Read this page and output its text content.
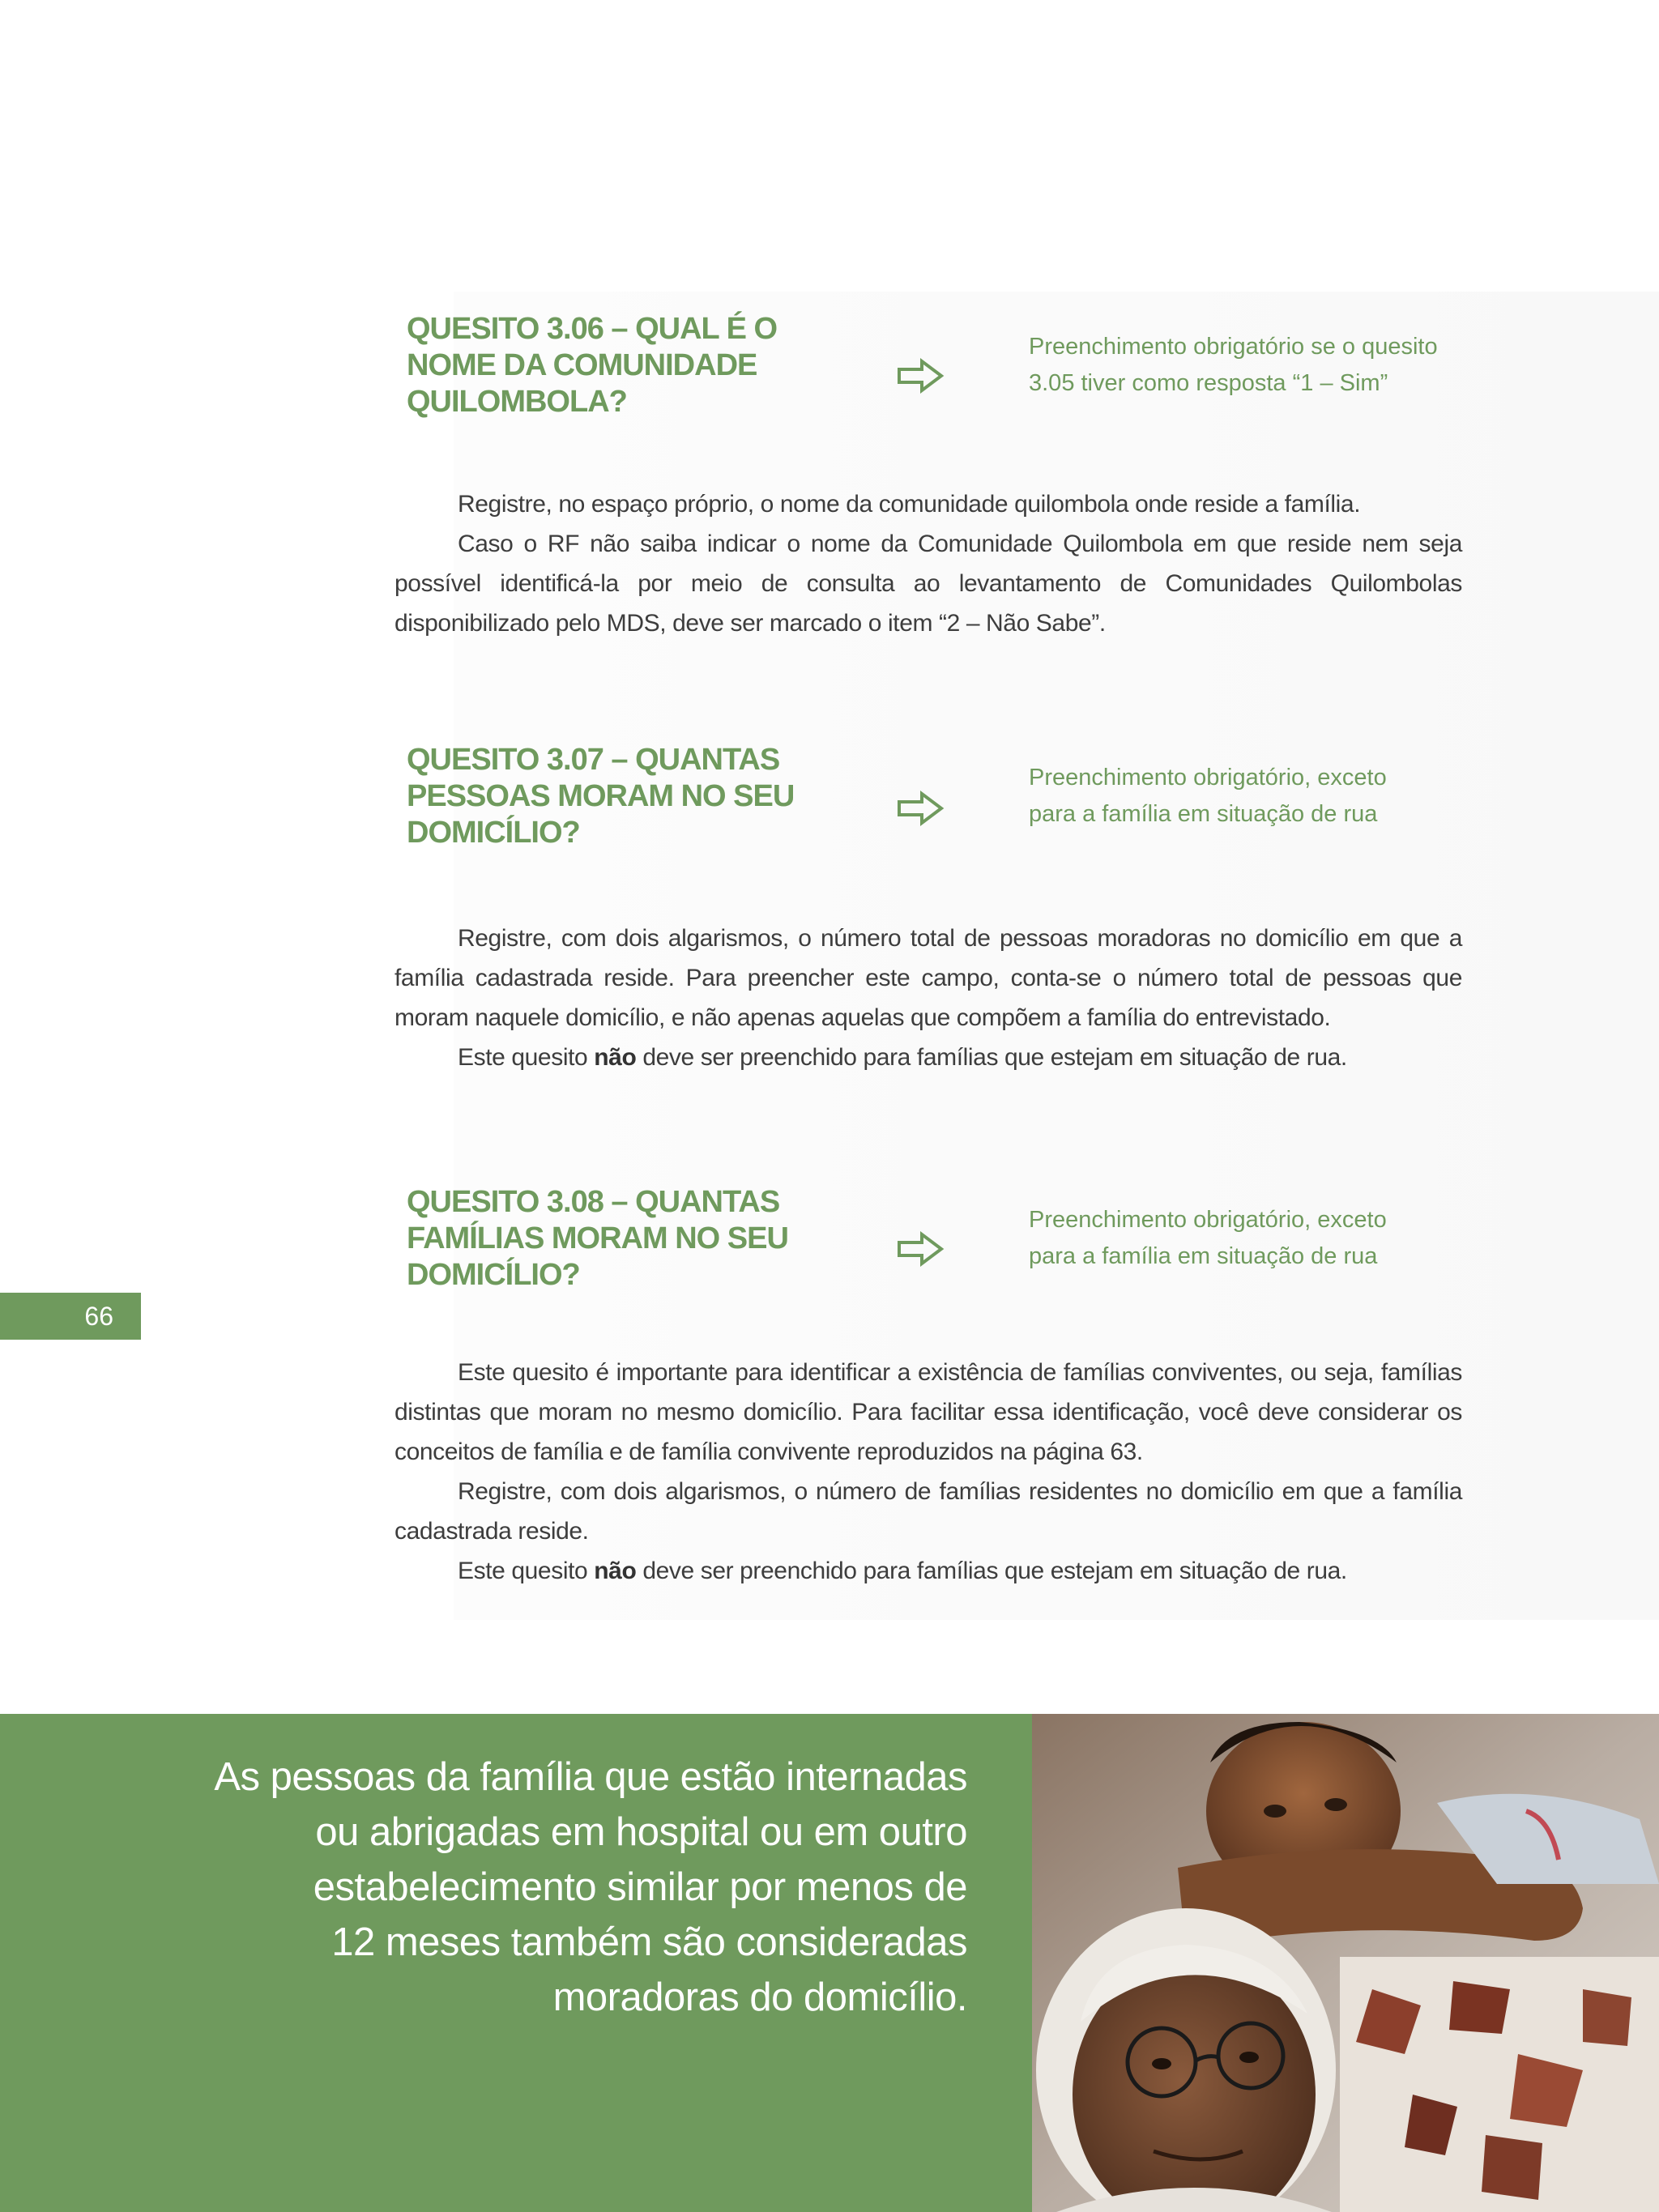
QUESITO 3.06 – QUAL É O
NOME DA COMUNIDADE
QUILOMBOLA?

Preenchimento obrigatório se o quesito
3.05 tiver como resposta “1 – Sim”

Registre, no espaço próprio, o nome da comunidade quilombola onde reside a família.

Caso o RF não saiba indicar o nome da Comunidade Quilombola em que reside nem seja possível identificá-la por meio de consulta ao levantamento de Comunidades Quilombolas disponibilizado pelo MDS, deve ser marcado o item “2 – Não Sabe”.

QUESITO 3.07 – QUANTAS
PESSOAS MORAM NO SEU
DOMICÍLIO?

Preenchimento obrigatório, exceto
para a família em situação de rua

Registre, com dois algarismos, o número total de pessoas moradoras no domicílio em que a família cadastrada reside. Para preencher este campo, conta-se o número total de pessoas que moram naquele domicílio, e não apenas aquelas que compõem a família do entrevistado.

Este quesito não deve ser preenchido para famílias que estejam em situação de rua.

QUESITO 3.08 – QUANTAS
FAMÍLIAS MORAM NO SEU
DOMICÍLIO?

Preenchimento obrigatório, exceto
para a família em situação de rua

Este quesito é importante para identificar a existência de famílias conviventes, ou seja, famílias distintas que moram no mesmo domicílio. Para facilitar essa identificação, você deve considerar os conceitos de família e de família convivente reproduzidos na página 63.

Registre, com dois algarismos, o número de famílias residentes no domicílio em que a família cadastrada reside.

Este quesito não deve ser preenchido para famílias que estejam em situação de rua.

66

As pessoas da família que estão internadas
ou abrigadas em hospital ou em outro
estabelecimento similar por menos de
12 meses também são consideradas
moradoras do domicílio.
